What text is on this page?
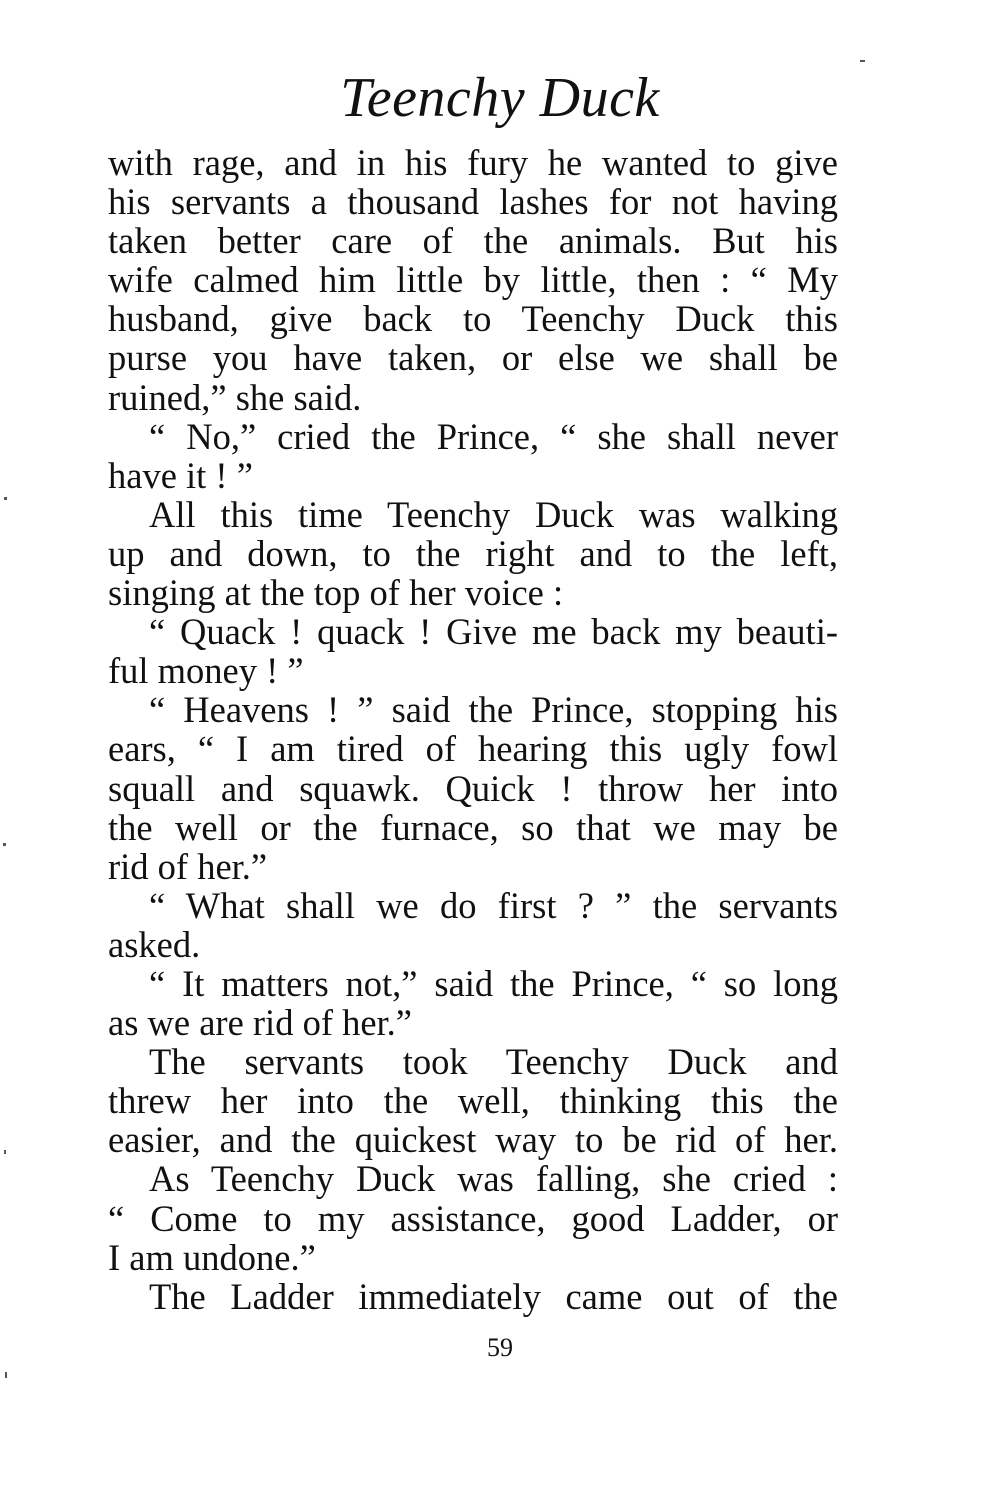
Teenchy Duck
with rage, and in his fury he wanted to give
his servants a thousand lashes for not having
taken better care of the animals. But his
wife calmed him little by little, then : “ My
husband, give back to Teenchy Duck this
purse you have taken, or else we shall be
ruined,” she said.
“ No,” cried the Prince, “ she shall never
have it ! ”
All this time Teenchy Duck was walking
up and down, to the right and to the left,
singing at the top of her voice :
“ Quack ! quack ! Give me back my beauti-
ful money ! ”
“ Heavens ! ” said the Prince, stopping his
ears, “ I am tired of hearing this ugly fowl
squall and squawk. Quick ! throw her into
the well or the furnace, so that we may be
rid of her.”
“ What shall we do first ? ” the servants
asked.
“ It matters not,” said the Prince, “ so long
as we are rid of her.”
The servants took Teenchy Duck and
threw her into the well, thinking this the
easier, and the quickest way to be rid of her.
As Teenchy Duck was falling, she cried :
“ Come to my assistance, good Ladder, or
I am undone.”
The Ladder immediately came out of the
59
